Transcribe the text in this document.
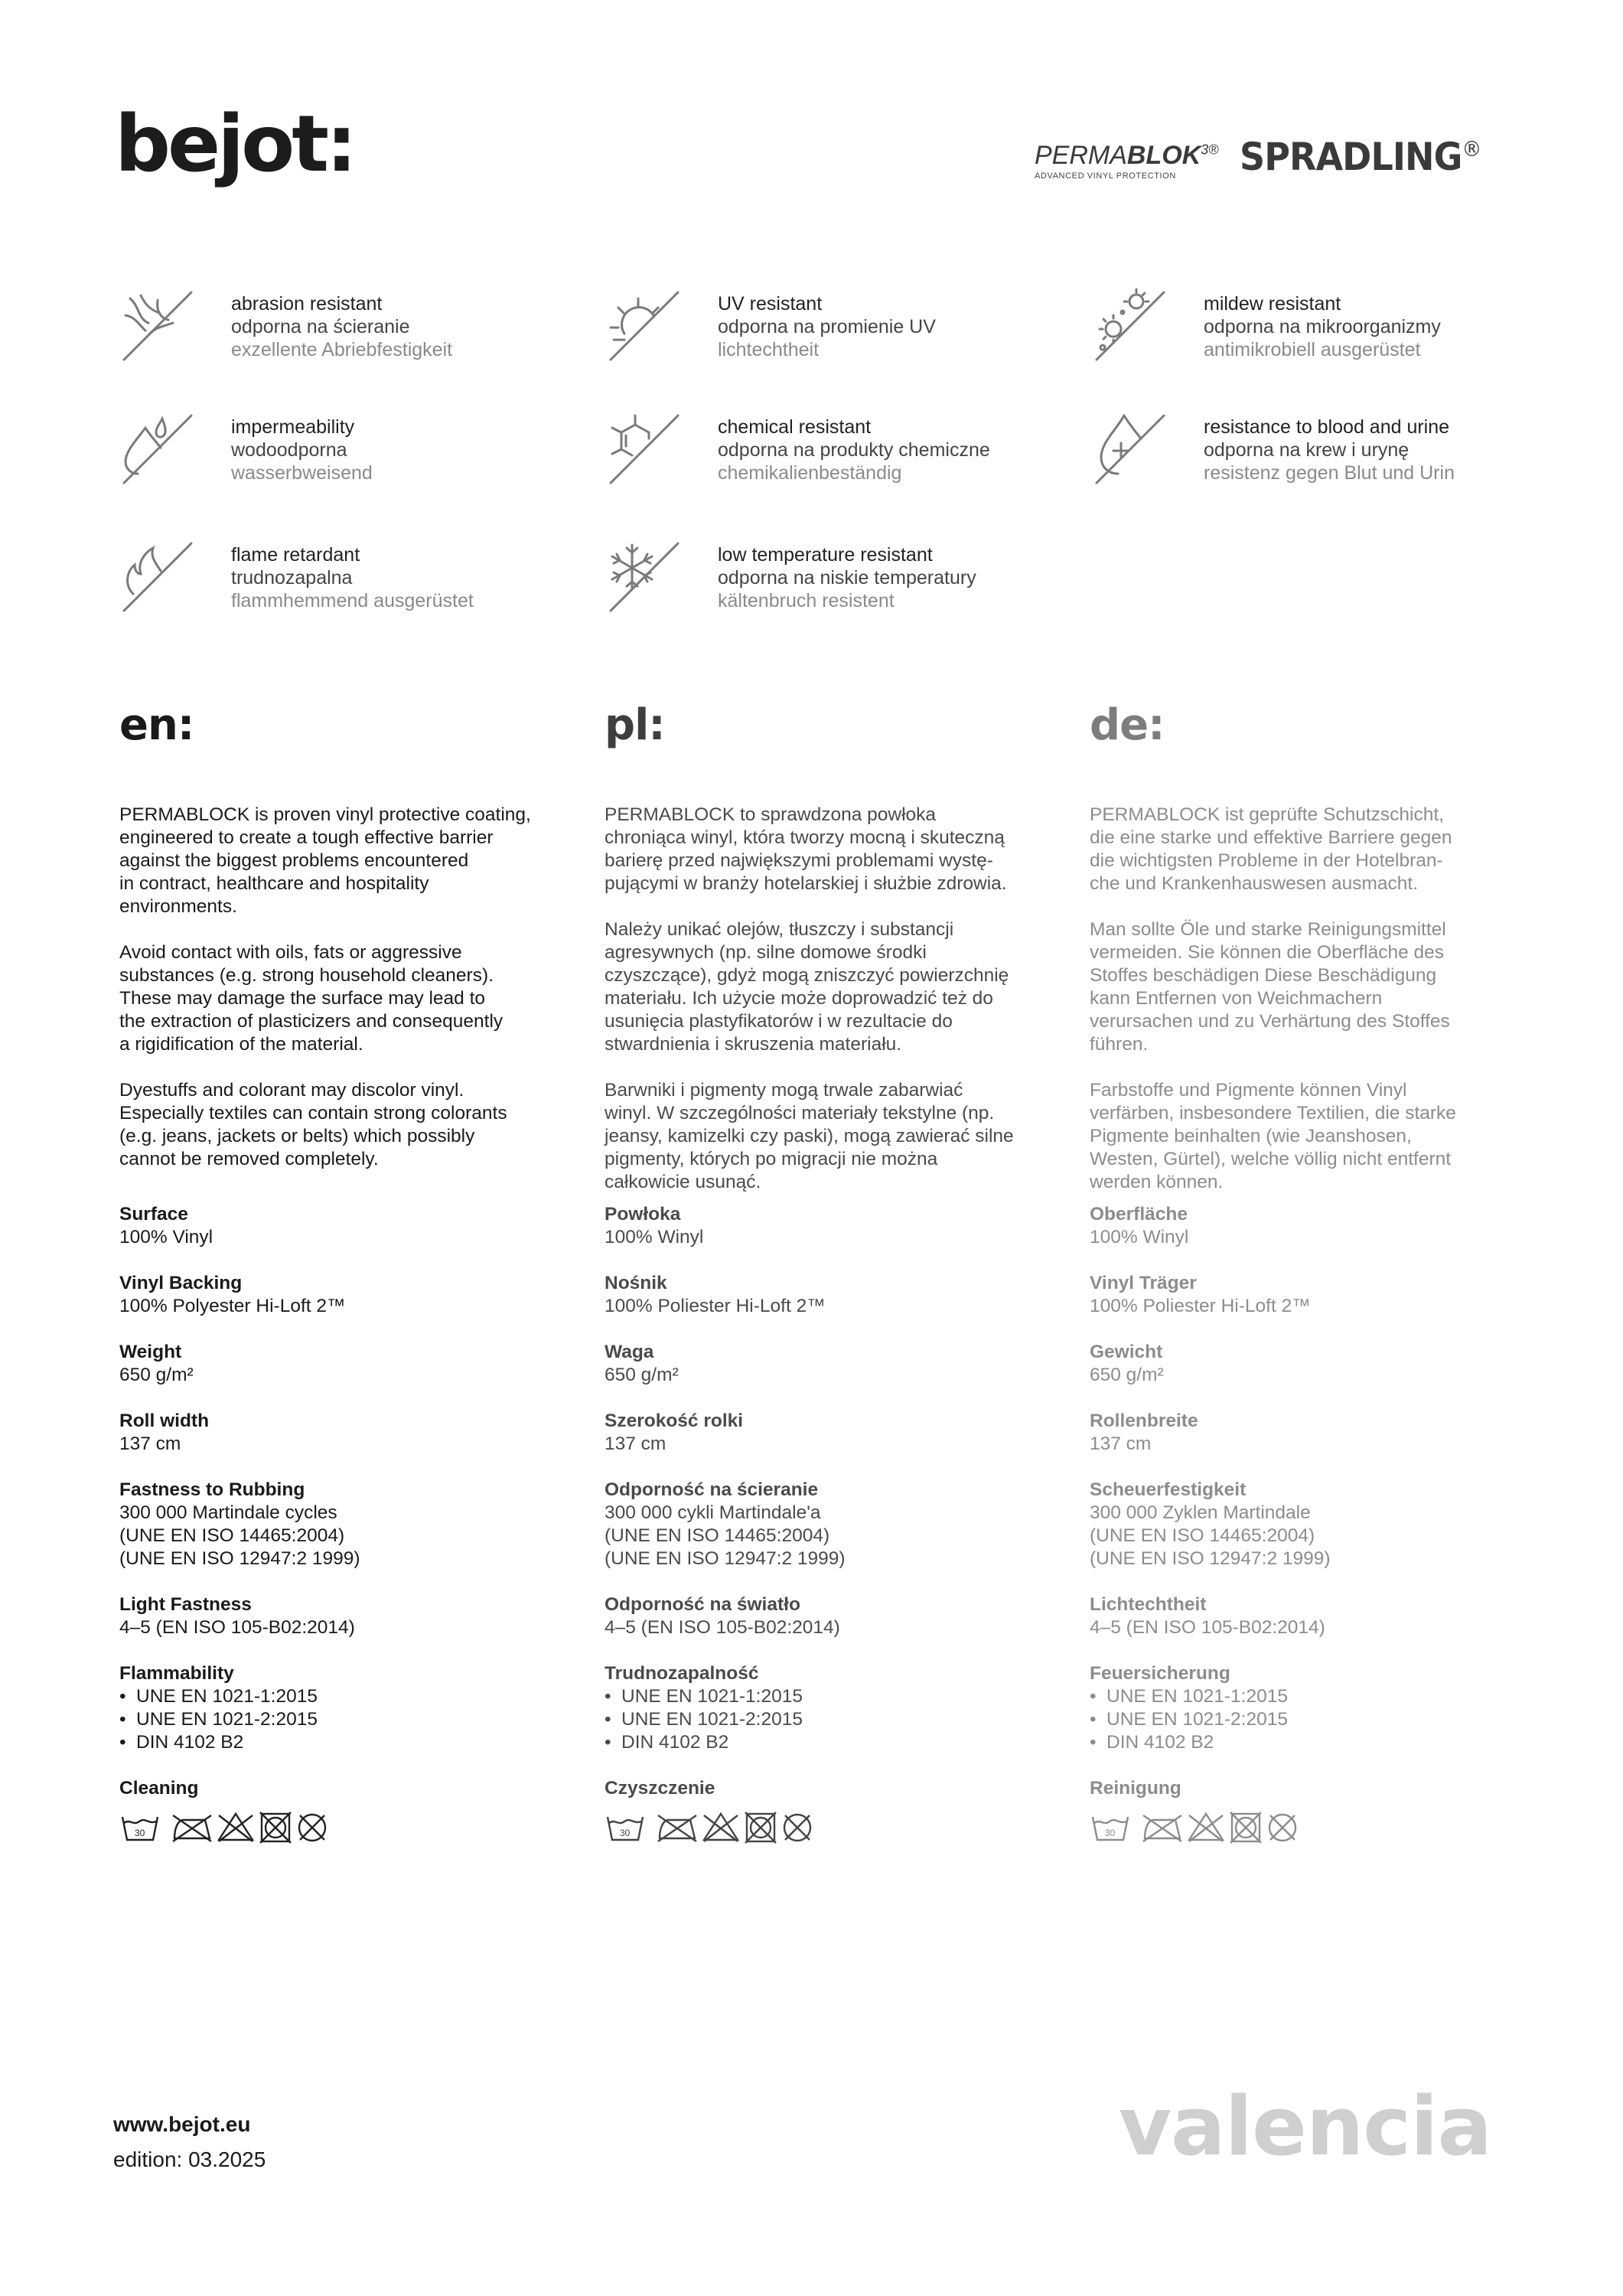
bejot:	$PERMABLOK^{3®}$
ADVANCED VINYL PROTECTION	SPRADLING®
abrasion resistant
odporna na ścieranie
exzellente Abriebfestigkeit
UV resistant
odporna na promienie UV
lichtechtheit
mildew resistant
odporna na mikroorganizmy
antimikrobiell ausgerüstet
impermeability
wodoodporna
wasserbweisend
chemical resistant
odporna na produkty chemiczne
chemikalienbeständig
resistance to blood and urine
odporna na krew i urynę
resistenz gegen Blut und Urin
flame retardant
trudnozapalna
flammhemmend ausgerüstet
low temperature resistant
odporna na niskie temperatury
kältenbruch resistent
en:

PERMABLOCK is proven vinyl protective coating,
engineered to create a tough effective barrier
against the biggest problems encountered
in contract, healthcare and hospitality
environments.

Avoid contact with oils, fats or aggressive
substances (e.g. strong household cleaners).
These may damage the surface may lead to
the extraction of plasticizers and consequently
a rigidification of the material.

Dyestuffs and colorant may discolor vinyl.
Especially textiles can contain strong colorants
(e.g. jeans, jackets or belts) which possibly
cannot be removed completely.

pl:

PERMABLOCK to sprawdzona powłoka
chroniąca winyl, która tworzy mocną i skuteczną
barierę przed największymi problemami wystę-
pującymi w branży hotelarskiej i służbie zdrowia.

Należy unikać olejów, tłuszczy i substancji
agresywnych (np. silne domowe środki
czyszczące), gdyż mogą zniszczyć powierzchnię
materiału. Ich użycie może doprowadzić też do
usunięcia plastyfikatorów i w rezultacie do
stwardnienia i skruszenia materiału.

Barwniki i pigmenty mogą trwale zabarwiać
winyl. W szczególności materiały tekstylne (np.
jeansy, kamizelki czy paski), mogą zawierać silne
pigmenty, których po migracji nie można
całkowicie usunąć.

de:

PERMABLOCK ist geprüfte Schutzschicht,
die eine starke und effektive Barriere gegen
die wichtigsten Probleme in der Hotelbran-
che und Krankenhauswesen ausmacht.

Man sollte Öle und starke Reinigungsmittel
vermeiden. Sie können die Oberfläche des
Stoffes beschädigen Diese Beschädigung
kann Entfernen von Weichmachern
verursachen und zu Verhärtung des Stoffes
führen.

Farbstoffe und Pigmente können Vinyl
verfärben, insbesondere Textilien, die starke
Pigmente beinhalten (wie Jeanshosen,
Westen, Gürtel), welche völlig nicht entfernt
werden können.

Surface
100% Vinyl
Vinyl Backing
100% Polyester Hi-Loft 2™
Weight
650 g/m²
Roll width
137 cm
Fastness to Rubbing
300 000 Martindale cycles
(UNE EN ISO 14465:2004)
(UNE EN ISO 12947:2 1999)
Light Fastness
4–5 (EN ISO 105-B02:2014)
Flammability
• UNE EN 1021-1:2015
• UNE EN 1021-2:2015
• DIN 4102 B2
Cleaning
30
Powłoka
100% Winyl
Nośnik
100% Poliester Hi-Loft 2™
Waga
650 g/m²
Szerokość rolki
137 cm
Odporność na ścieranie
300 000 cykli Martindale'a
(UNE EN ISO 14465:2004)
(UNE EN ISO 12947:2 1999)
Odporność na światło
4–5 (EN ISO 105-B02:2014)
Trudnozapalność
• UNE EN 1021-1:2015
• UNE EN 1021-2:2015
• DIN 4102 B2
Czyszczenie
30
Oberfläche
100% Winyl
Vinyl Träger
100% Poliester Hi-Loft 2™
Gewicht
650 g/m²
Rollenbreite
137 cm
Scheuerfestigkeit
300 000 Zyklen Martindale
(UNE EN ISO 14465:2004)
(UNE EN ISO 12947:2 1999)
Lichtechtheit
4–5 (EN ISO 105-B02:2014)
Feuersicherung
• UNE EN 1021-1:2015
• UNE EN 1021-2:2015
• DIN 4102 B2
Reinigung
30
www.bejot.eu
edition: 03.2025	valencia
